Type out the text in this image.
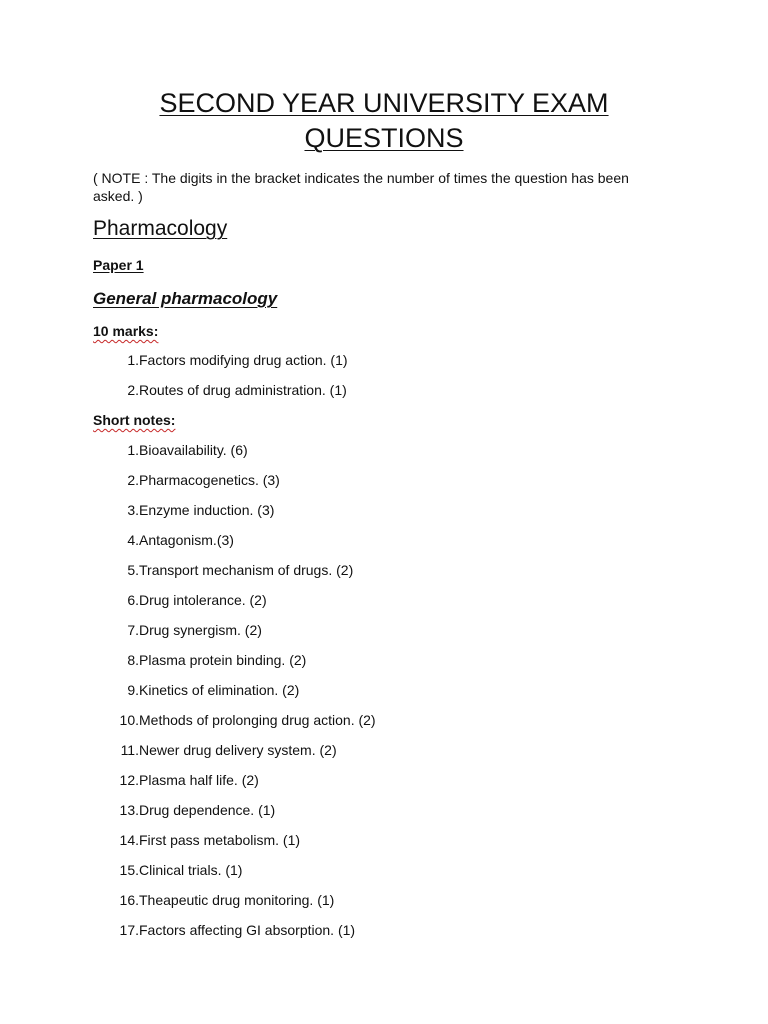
SECOND YEAR UNIVERSITY EXAM
QUESTIONS
( NOTE : The digits in the bracket indicates the number of times the question has been asked. )
Pharmacology
Paper 1
General pharmacology
10 marks:
1. Factors modifying drug action. (1)
2. Routes of drug administration. (1)
Short notes:
1. Bioavailability. (6)
2. Pharmacogenetics. (3)
3. Enzyme induction. (3)
4. Antagonism.(3)
5. Transport mechanism of drugs. (2)
6. Drug intolerance. (2)
7. Drug synergism. (2)
8. Plasma protein binding. (2)
9. Kinetics of elimination. (2)
10. Methods of prolonging drug action. (2)
11. Newer drug delivery system. (2)
12. Plasma half life. (2)
13. Drug dependence. (1)
14. First pass metabolism. (1)
15. Clinical trials. (1)
16. Theapeutic drug monitoring. (1)
17. Factors affecting GI absorption. (1)
